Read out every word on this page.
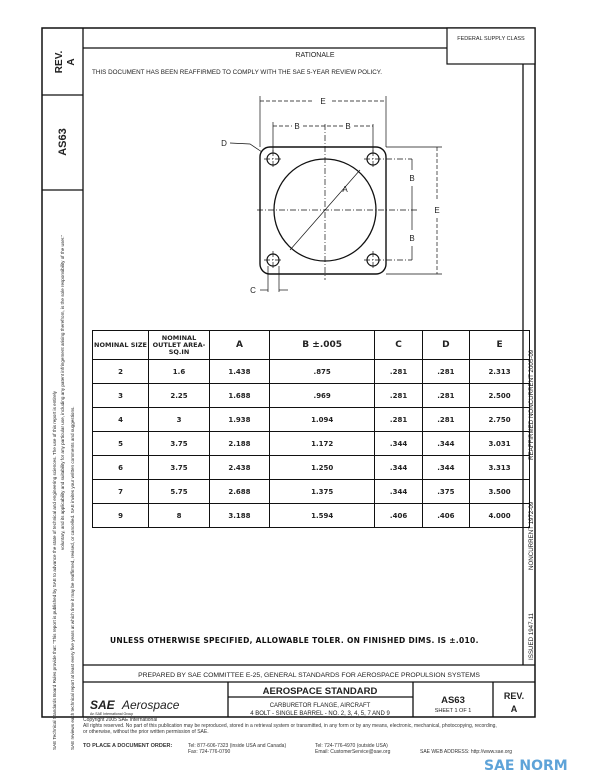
FEDERAL SUPPLY CLASS
RATIONALE
THIS DOCUMENT HAS BEEN REAFFIRMED TO COMPLY WITH THE SAE 5-YEAR REVIEW POLICY.
REV. A
AS63
SAE Technical Standards Board Rules provide that: "This report is published by SAE to advance the state of technical and engineering sciences. The use of this report is entirely voluntary, and its applicability and suitability for any particular use, including any patent infringement arising therefrom, is the sole responsibility of the user."
SAE reviews each technical report at least every five years at which time it may be reaffirmed, revised, or cancelled. SAE invites your written comments and suggestions.	ISSUED 1947-11
NONCURRENT 1972-09
REAFFIRMED NONCURRENT 2005-09
E
B	B
D
A
B
B
E
C
PREPARED BY SAE COMMITTEE E-25, GENERAL STANDARDS FOR AEROSPACE PROPULSION SYSTEMS
SAE Aerospace
An SAE International Group
AEROSPACE STANDARD
CARBURETOR FLANGE, AIRCRAFT
4 BOLT - SINGLE BARREL - NO. 2, 3, 4, 5, 7 AND 9
AS63
SHEET 1 OF 1
REV.
A
NOMINAL SIZE	NOMINAL OUTLET AREA-SQ.IN	A	B ±.005	C	D	E
2	1.6	1.438	.875	.281	.281	2.313
3	2.25	1.688	.969	.281	.281	2.500
4	3	1.938	1.094	.281	.281	2.750
5	3.75	2.188	1.172	.344	.344	3.031
6	3.75	2.438	1.250	.344	.344	3.313
7	5.75	2.688	1.375	.344	.375	3.500
9	8	3.188	1.594	.406	.406	4.000
UNLESS OTHERWISE SPECIFIED, ALLOWABLE TOLER. ON FINISHED DIMS. IS ±.010.
Copyright 2005 SAE International
All rights reserved. No part of this publication may be reproduced, stored in a retrieval system or transmitted, in any form or by any means, electronic, mechanical, photocopying, recording,
or otherwise, without the prior written permission of SAE.
TO PLACE A DOCUMENT ORDER:	Tel: 877-606-7323 (inside USA and Canada)
Fax: 724-776-0790
Tel: 724-776-4970 (outside USA)
Email: CustomerService@sae.org	SAE WEB ADDRESS: http://www.sae.org
SAE NORM
